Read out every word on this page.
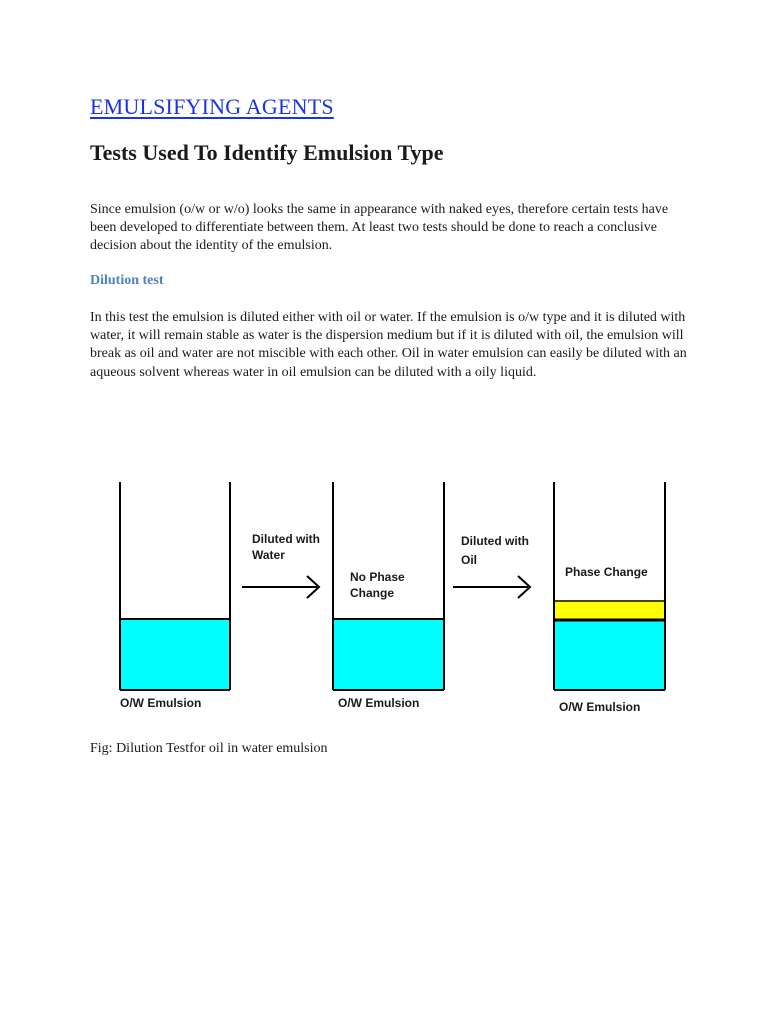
EMULSIFYING AGENTS
Tests Used To Identify Emulsion Type

Since emulsion (o/w or w/o) looks the same in appearance with naked eyes, therefore certain tests have been developed to differentiate between them. At least two tests should be done to reach a conclusive decision about the identity of the emulsion.

Dilution test

In this test the emulsion is diluted either with oil or water. If the emulsion is o/w type and it is diluted with water, it will remain stable as water is the dispersion medium but if it is diluted with oil, the emulsion will break as oil and water are not miscible with each other. Oil in water emulsion can easily be diluted with an aqueous solvent whereas water in oil emulsion can be diluted with a oily liquid.

O/W Emulsion
Diluted with
Water
No Phase
Change
O/W Emulsion
Diluted with
Oil
Phase Change
O/W Emulsion

Fig: Dilution Testfor oil in water emulsion
